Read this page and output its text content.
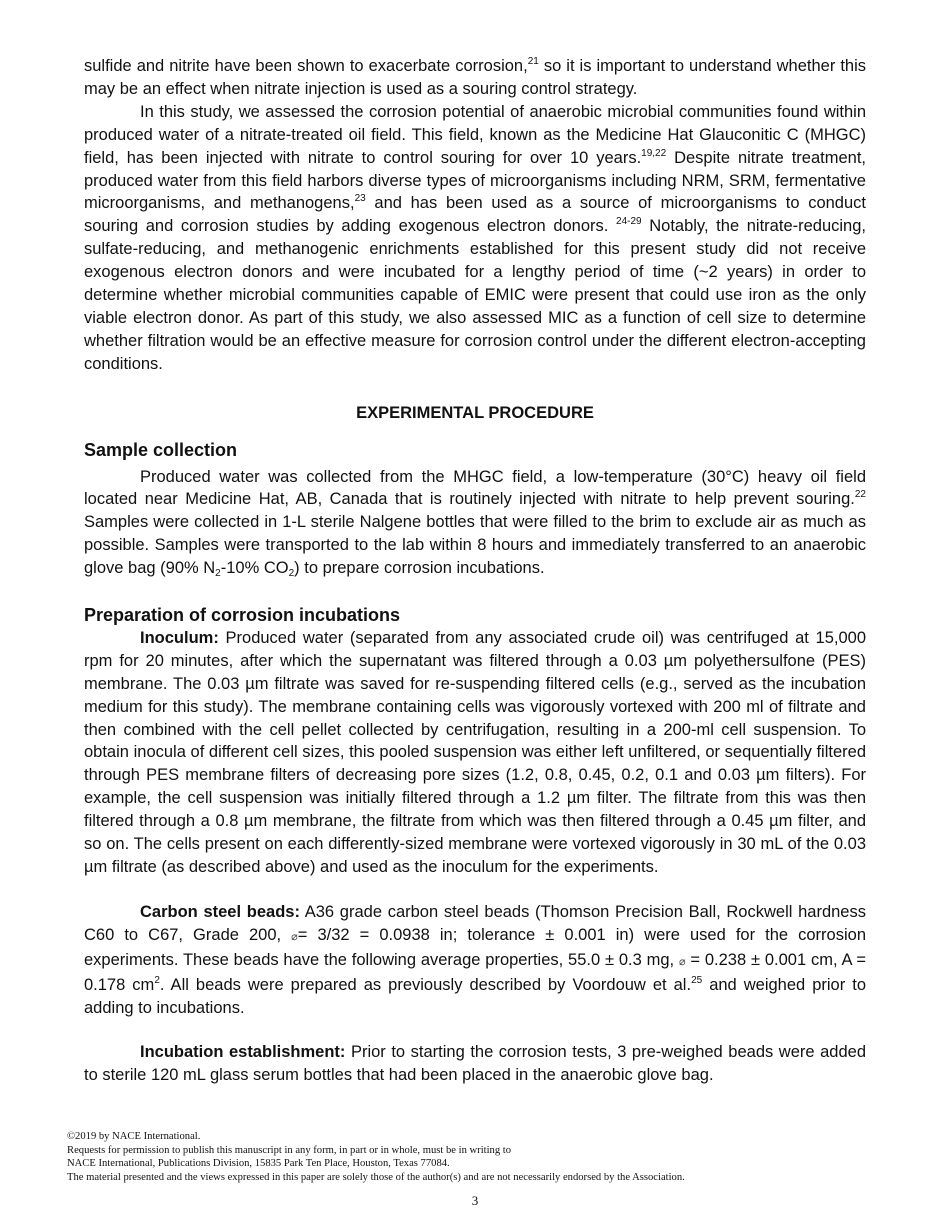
sulfide and nitrite have been shown to exacerbate corrosion,$^{21}$ so it is important to understand whether this may be an effect when nitrate injection is used as a souring control strategy.

In this study, we assessed the corrosion potential of anaerobic microbial communities found within produced water of a nitrate-treated oil field. This field, known as the Medicine Hat Glauconitic C (MHGC) field, has been injected with nitrate to control souring for over 10 years.$^{19,22}$ Despite nitrate treatment, produced water from this field harbors diverse types of microorganisms including NRM, SRM, fermentative microorganisms, and methanogens,$^{23}$ and has been used as a source of microorganisms to conduct souring and corrosion studies by adding exogenous electron donors. $^{24-29}$ Notably, the nitrate-reducing, sulfate-reducing, and methanogenic enrichments established for this present study did not receive exogenous electron donors and were incubated for a lengthy period of time (~2 years) in order to determine whether microbial communities capable of EMIC were present that could use iron as the only viable electron donor. As part of this study, we also assessed MIC as a function of cell size to determine whether filtration would be an effective measure for corrosion control under the different electron-accepting conditions.

EXPERIMENTAL PROCEDURE
Sample collection

Produced water was collected from the MHGC field, a low-temperature (30°C) heavy oil field located near Medicine Hat, AB, Canada that is routinely injected with nitrate to help prevent souring.$^{22}$ Samples were collected in 1-L sterile Nalgene bottles that were filled to the brim to exclude air as much as possible. Samples were transported to the lab within 8 hours and immediately transferred to an anaerobic glove bag (90% $N_2-10\%$ $CO_2$) to prepare corrosion incubations.

Preparation of corrosion incubations

Inoculum: Produced water (separated from any associated crude oil) was centrifuged at 15,000 rpm for 20 minutes, after which the supernatant was filtered through a 0.03 µm polyethersulfone (PES) membrane. The 0.03 µm filtrate was saved for re-suspending filtered cells (e.g., served as the incubation medium for this study). The membrane containing cells was vigorously vortexed with 200 ml of filtrate and then combined with the cell pellet collected by centrifugation, resulting in a 200-ml cell suspension. To obtain inocula of different cell sizes, this pooled suspension was either left unfiltered, or sequentially filtered through PES membrane filters of decreasing pore sizes (1.2, 0.8, 0.45, 0.2, 0.1 and 0.03 µm filters). For example, the cell suspension was initially filtered through a 1.2 µm filter. The filtrate from this was then filtered through a 0.8 µm membrane, the filtrate from which was then filtered through a 0.45 µm filter, and so on. The cells present on each differently-sized membrane were vortexed vigorously in 30 mL of the 0.03 µm filtrate (as described above) and used as the inoculum for the experiments.

Carbon steel beads: A36 grade carbon steel beads (Thomson Precision Ball, Rockwell hardness C60 to C67, Grade 200, ⌀= 3/32 = 0.0938 in; tolerance ± 0.001 in) were used for the corrosion experiments. These beads have the following average properties, 55.0 ± 0.3 mg, ⌀ = 0.238 ± 0.001 cm, A = 0.178 $cm^2$. All beads were prepared as previously described by Voordouw et al.$^{25}$ and weighed prior to adding to incubations.

Incubation establishment: Prior to starting the corrosion tests, 3 pre-weighed beads were added to sterile 120 mL glass serum bottles that had been placed in the anaerobic glove bag.

©2019 by NACE International.
Requests for permission to publish this manuscript in any form, in part or in whole, must be in writing to
NACE International, Publications Division, 15835 Park Ten Place, Houston, Texas 77084.
The material presented and the views expressed in this paper are solely those of the author(s) and are not necessarily endorsed by the Association.
3
